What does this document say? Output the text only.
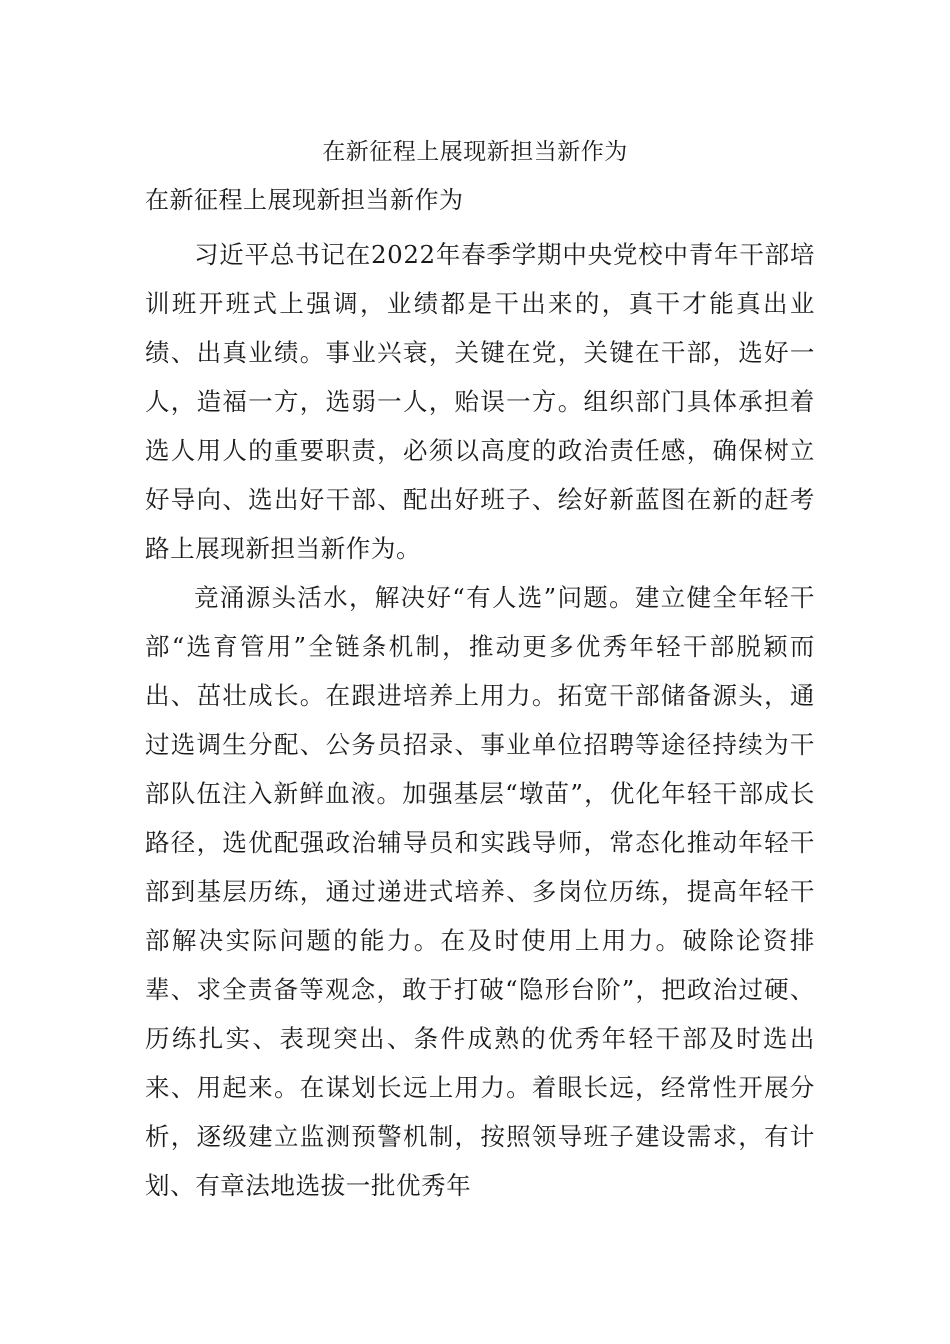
在新征程上展现新担当新作为
在新征程上展现新担当新作为

习近平总书记在2022年春季学期中央党校中青年干部培训班开班式上强调，业绩都是干出来的，真干才能真出业绩、出真业绩。事业兴衰，关键在党，关键在干部，选好一人，造福一方，选弱一人，贻误一方。组织部门具体承担着选人用人的重要职责，必须以高度的政治责任感，确保树立好导向、选出好干部、配出好班子、绘好新蓝图在新的赶考路上展现新担当新作为。

竞涌源头活水，解决好“有人选”问题。建立健全年轻干部“选育管用”全链条机制，推动更多优秀年轻干部脱颖而出、茁壮成长。在跟进培养上用力。拓宽干部储备源头，通过选调生分配、公务员招录、事业单位招聘等途径持续为干部队伍注入新鲜血液。加强基层“墩苗”，优化年轻干部成长路径，选优配强政治辅导员和实践导师，常态化推动年轻干部到基层历练，通过递进式培养、多岗位历练，提高年轻干部解决实际问题的能力。在及时使用上用力。破除论资排辈、求全责备等观念，敢于打破“隐形台阶”，把政治过硬、历练扎实、表现突出、条件成熟的优秀年轻干部及时选出来、用起来。在谋划长远上用力。着眼长远，经常性开展分析，逐级建立监测预警机制，按照领导班子建设需求，有计划、有章法地选拔一批优秀年
